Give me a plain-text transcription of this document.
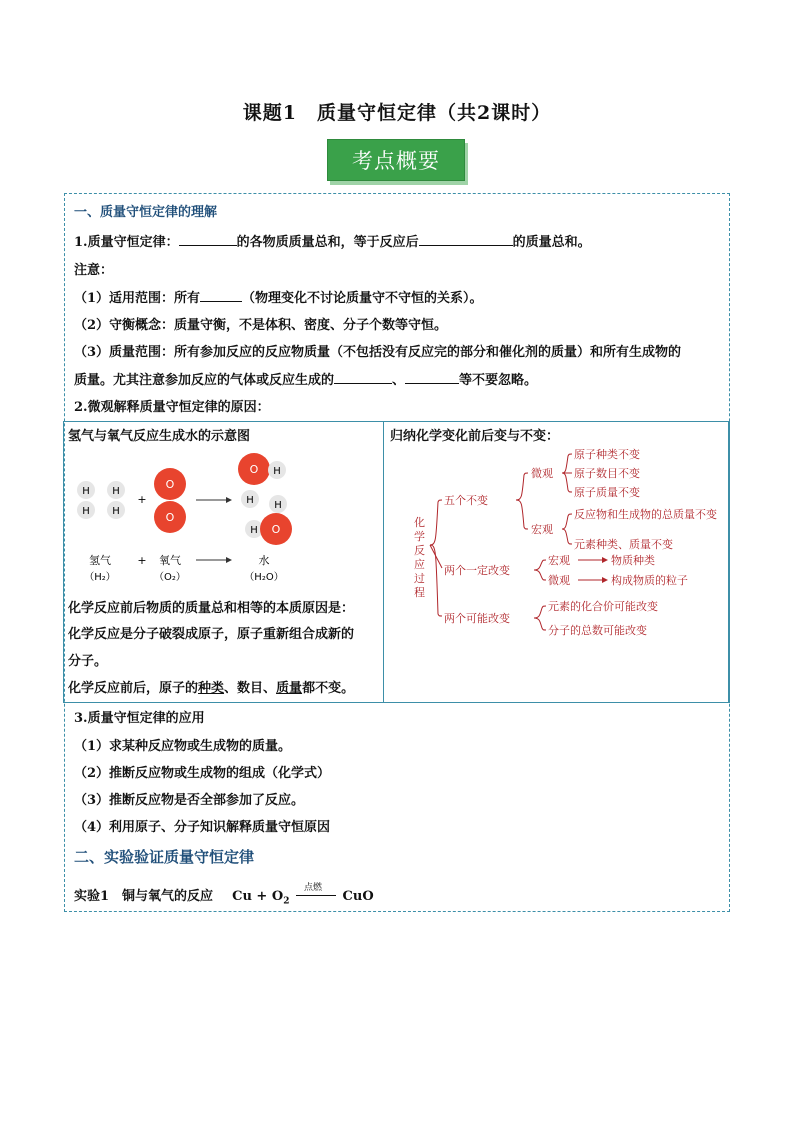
课题1　质量守恒定律（共2课时）
考点概要
一、质量守恒定律的理解
1.质量守恒定律：	的各物质质量总和，等于反应后	的质量总和。
注意：
（1）适用范围：所有	（物理变化不讨论质量守不守恒的关系）。
（2）守衡概念：质量守衡，不是体积、密度、分子个数等守恒。
（3）质量范围：所有参加反应的反应物质量（不包括没有反应完的部分和催化剂的质量）和所有生成物的
质量。尤其注意参加反应的气体或反应生成的	、	等不要忽略。
2.微观解释质量守恒定律的原因：
氢气与氧气反应生成水的示意图	归纳化学变化前后变与不变：
H
H
H
H
+
O
O
O H
H H
H O
氢气
（H₂）
+ 氧气
（O₂）
水
（H₂O）
化学反应前后物质的质量总和相等的本质原因是：
化学反应是分子破裂成原子，原子重新组合成新的
分子。
化学反应前后，原子的种类、数目、质量都不变。
化
学
反
应
过
程
五个不变
微观
宏观
原子种类不变
原子数目不变
原子质量不变
反应物和生成物的总质量不变
元素种类、质量不变
两个一定改变
宏观	物质种类
微观	构成物质的粒子
两个可能改变
元素的化合价可能改变
分子的总数可能改变
3.质量守恒定律的应用
（1）求某种反应物或生成物的质量。
（2）推断反应物或生成物的组成（化学式）
（3）推断反应物是否全部参加了反应。
（4）利用原子、分子知识解释质量守恒原因
二、实验验证质量守恒定律
实验1　铜与氧气的反应 $Cu + O_2$
点燃
CuO
